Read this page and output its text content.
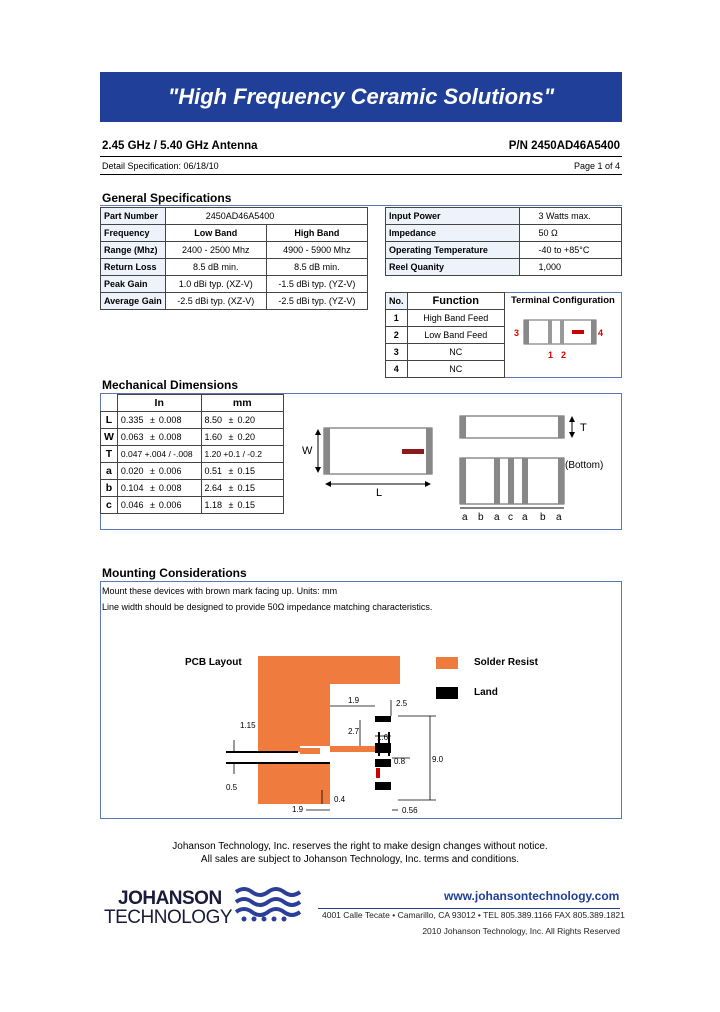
"High Frequency Ceramic Solutions"
2.45 GHz / 5.40 GHz Antenna	P/N 2450AD46A5400
Detail Specification: 06/18/10	Page 1 of 4
General Specifications
Part Number	2450AD46A5400	
Frequency	Low Band	High Band
Range (Mhz)	2400 - 2500 Mhz	4900 - 5900 Mhz
Return Loss	8.5 dB min.	8.5 dB min.
Peak Gain	1.0 dBi typ. (XZ-V)	-1.5 dBi typ. (YZ-V)
Average Gain	-2.5 dBi typ. (XZ-V)	-2.5 dBi typ. (YZ-V)
Input Power	3 Watts max.
Impedance	50 Ω
Operating Temperature	-40 to +85°C
Reel Quanity	1,000
No.	Function
1	High Band Feed
2	Low Band Feed
3	NC
4	NC
Terminal Configuration
3	4
1 2
Mechanical Dimensions
	In	mm
L	0.335 ± 0.008	8.50 ± 0.20
W	0.063 ± 0.008	1.60 ± 0.20
T	0.047 +.004 / -.008	1.20 +0.1 / -0.2
a	0.020 ± 0.006	0.51 ± 0.15
b	0.104 ± 0.008	2.64 ± 0.15
c	0.046 ± 0.006	1.18 ± 0.15
W
L
T
(Bottom)
a b a c a b a
Mounting Considerations
Mount these devices with brown mark facing up. Units: mm
Line width should be designed to provide 50Ω impedance matching characteristics.
PCB Layout	Solder Resist
Land
1.9	2.5
1.15
2.7
1.6
9.0
0.8
0.5
1.9
0.4
0.56
Johanson Technology, Inc. reserves the right to make design changes without notice.
All sales are subject to Johanson Technology, Inc. terms and conditions.
JOHANSON
TECHNOLOGY
www.johansontechnology.com
4001 Calle Tecate • Camarillo, CA 93012 • TEL 805.389.1166 FAX 805.389.1821
2010 Johanson Technology, Inc. All Rights Reserved
